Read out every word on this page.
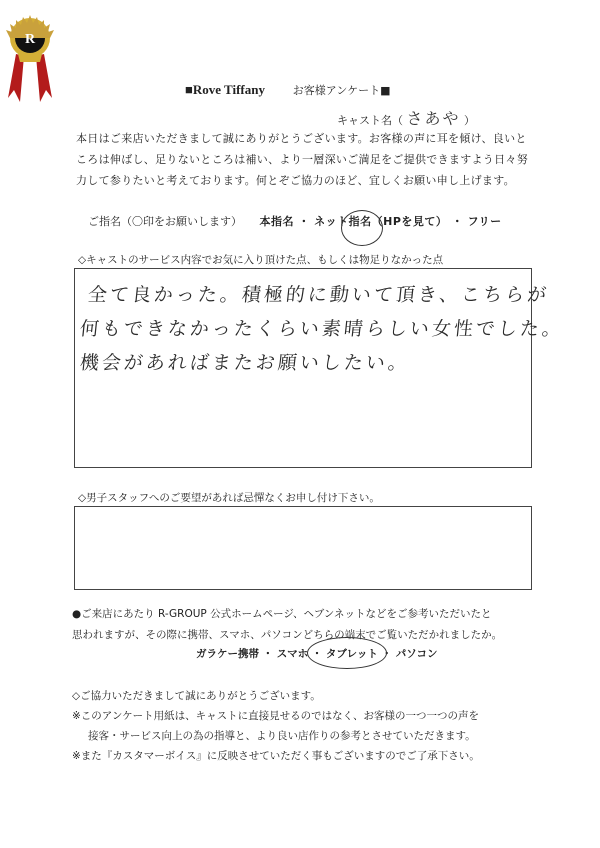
R
■Rove Tiffany	お客様アンケート■
キャスト名（ さあや ）
本日はご来店いただきまして誠にありがとうございます。お客様の声に耳を傾け、良いと
ころは伸ばし、足りないところは補い、より一層深いご満足をご提供できますよう日々努
力して参りたいと考えております。何とぞご協力のほど、宜しくお願い申し上げます。
ご指名（〇印をお願いします） 本指名 ・ ネット指名（HPを見て） ・ フリー
◇キャストのサービス内容でお気に入り頂けた点、もしくは物足りなかった点
全て良かった。積極的に動いて頂き、こちらが
何もできなかったくらい素晴らしい女性でした。
機会があればまたお願いしたい。
◇男子スタッフへのご要望があれば忌憚なくお申し付け下さい。
●ご来店にあたり R-GROUP 公式ホームページ、ヘブンネットなどをご参考いただいたと
思われますが、その際に携帯、スマホ、パソコンどちらの端末でご覧いただかれましたか。
ガラケー携帯 ・ スマホ ・ タブレット ・ パソコン
◇ご協力いただきまして誠にありがとうございます。
※このアンケート用紙は、キャストに直接見せるのではなく、お客様の一つ一つの声を
接客・サービス向上の為の指導と、より良い店作りの参考とさせていただきます。
※また『カスタマーボイス』に反映させていただく事もございますのでご了承下さい。
